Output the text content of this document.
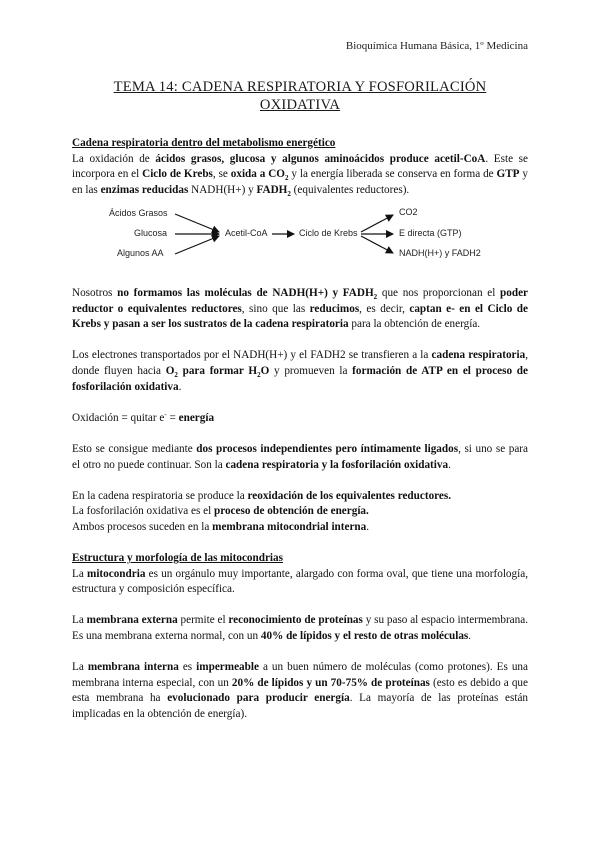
Bioquímica Humana Básica, 1º Medicina
TEMA 14: CADENA RESPIRATORIA Y FOSFORILACIÓN OXIDATIVA

Cadena respiratoria dentro del metabolismo energético

La oxidación de ácidos grasos, glucosa y algunos aminoácidos produce acetil-CoA. Este se incorpora en el Ciclo de Krebs, se oxida a $CO_2$ y la energía liberada se conserva en forma de GTP y en las enzimas reducidas NADH(H+) y $FADH_2$ (equivalentes reductores).

Ácidos Grasos
Glucosa
Algunos AA
Acetil-CoA	Ciclo de Krebs
CO2
E directa (GTP)
NADH(H+) y FADH2

Nosotros no formamos las moléculas de NADH(H+) y $FADH_2$ que nos proporcionan el poder reductor o equivalentes reductores, sino que las reducimos, es decir, captan e- en el Ciclo de Krebs y pasan a ser los sustratos de la cadena respiratoria para la obtención de energía.

Los electrones transportados por el NADH(H+) y el FADH2 se transfieren a la cadena respiratoria, donde fluyen hacia $O_2$ para formar $H_2O$ y promueven la formación de ATP en el proceso de fosforilación oxidativa.

Oxidación = quitar e- = energía

Esto se consigue mediante dos procesos independientes pero íntimamente ligados, si uno se para el otro no puede continuar. Son la cadena respiratoria y la fosforilación oxidativa.

En la cadena respiratoria se produce la reoxidación de los equivalentes reductores.

La fosforilación oxidativa es el proceso de obtención de energía.

Ambos procesos suceden en la membrana mitocondrial interna.

Estructura y morfología de las mitocondrias

La mitocondria es un orgánulo muy importante, alargado con forma oval, que tiene una morfología, estructura y composición específica.

La membrana externa permite el reconocimiento de proteínas y su paso al espacio intermembrana. Es una membrana externa normal, con un 40% de lípidos y el resto de otras moléculas.

La membrana interna es impermeable a un buen número de moléculas (como protones). Es una membrana interna especial, con un 20% de lípidos y un 70-75% de proteínas (esto es debido a que esta membrana ha evolucionado para producir energía. La mayoría de las proteínas están implicadas en la obtención de energía).
